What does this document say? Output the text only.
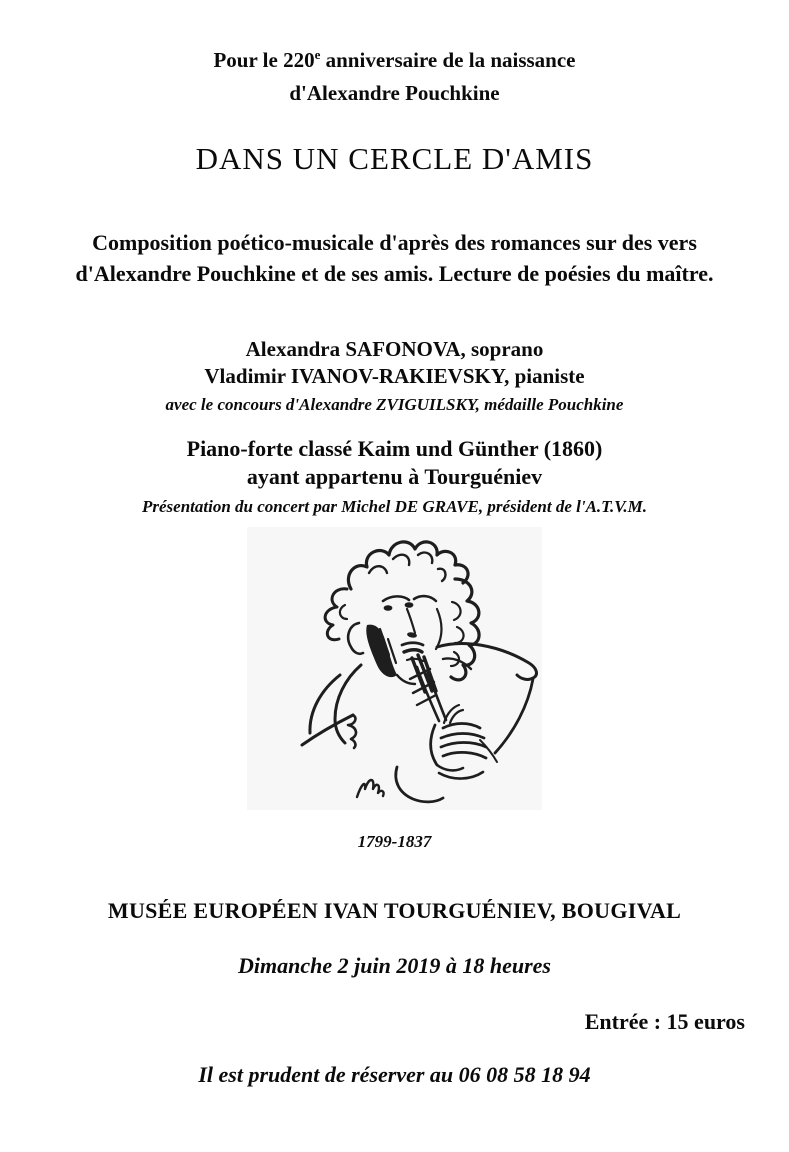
Pour le 220e anniversaire de la naissance
d'Alexandre Pouchkine
DANS UN CERCLE D'AMIS
Composition poético-musicale d'après des romances sur des vers
d'Alexandre Pouchkine et de ses amis. Lecture de poésies du maître.
Alexandra SAFONOVA, soprano
Vladimir IVANOV-RAKIEVSKY, pianiste
avec le concours d'Alexandre ZVIGUILSKY, médaille Pouchkine
Piano-forte classé Kaim und Günther (1860)
ayant appartenu à Tourguéniev
Présentation du concert par Michel DE GRAVE, président de l'A.T.V.M.
1799-1837
MUSÉE EUROPÉEN IVAN TOURGUÉNIEV, BOUGIVAL
Dimanche 2 juin 2019 à 18 heures
Entrée : 15 euros
Il est prudent de réserver au 06 08 58 18 94
